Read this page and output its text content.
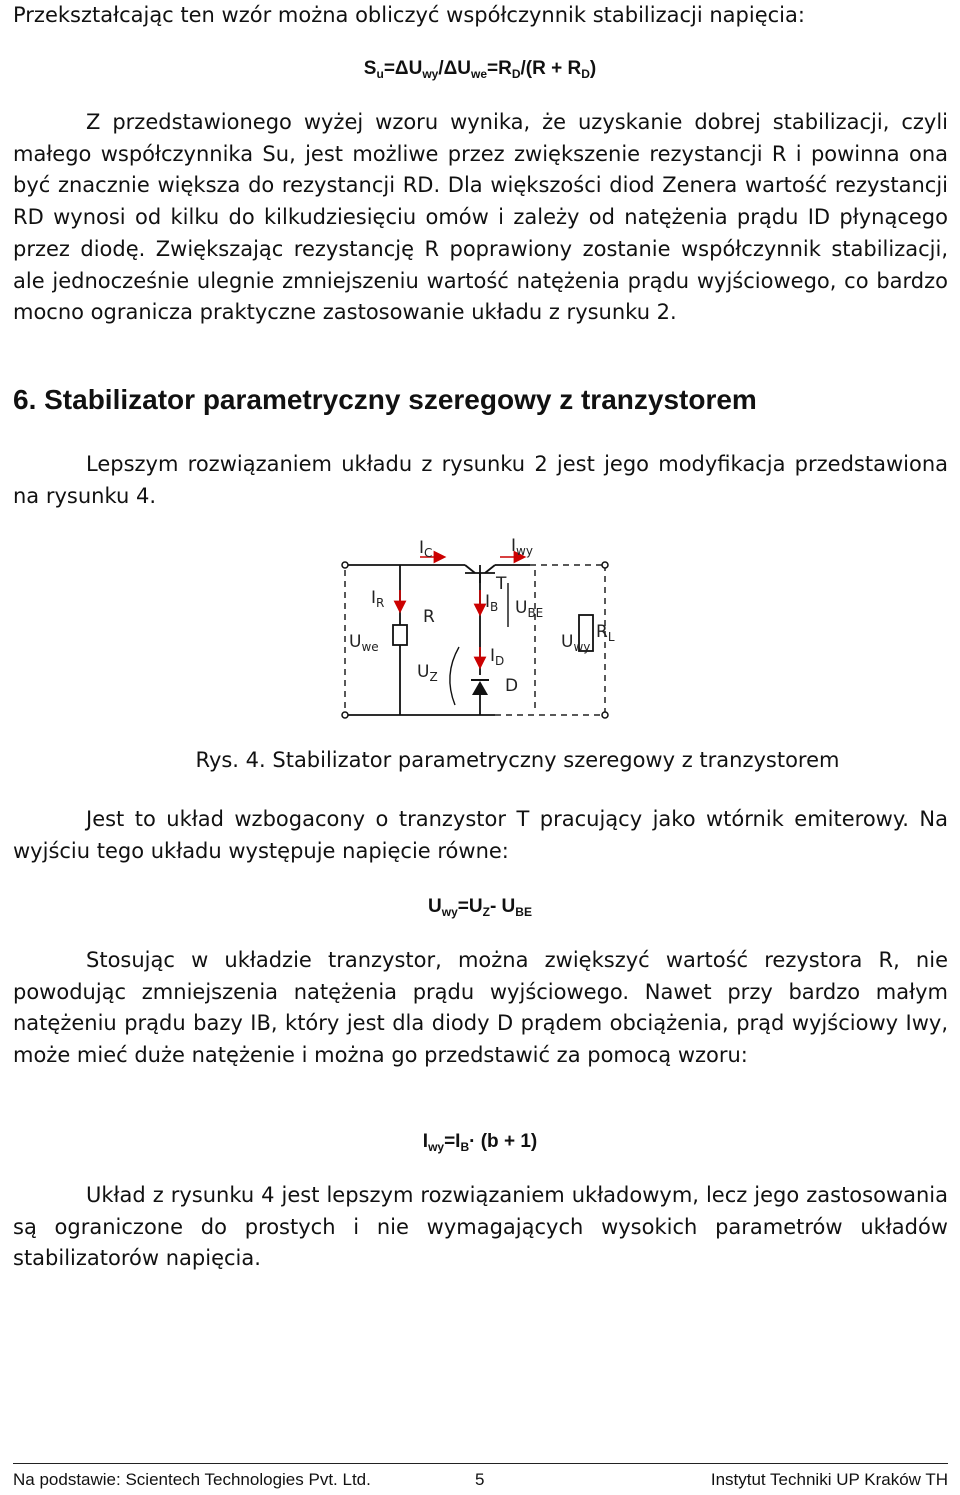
Przekształcając ten wzór można obliczyć współczynnik stabilizacji napięcia:

$S_u=\Delta U_{wy}/\Delta U_{we}=R_D/(R + R_D)$

Z przedstawionego wyżej wzoru wynika, że uzyskanie dobrej stabilizacji, czyli małego współczynnika Su, jest możliwe przez zwiększenie rezystancji R i powinna ona być znacznie większa do rezystancji RD. Dla większości diod Zenera wartość rezystancji RD wynosi od kilku do kilkudziesięciu omów i zależy od natężenia prądu ID płynącego przez diodę. Zwiększając rezystancję R poprawiony zostanie współczynnik stabilizacji, ale jednocześnie ulegnie zmniejszeniu wartość natężenia prądu wyjściowego, co bardzo mocno ogranicza praktyczne zastosowanie układu z rysunku 2.

6. Stabilizator parametryczny szeregowy z tranzystorem

Lepszym rozwiązaniem układu z rysunku 2 jest jego modyfikacja przedstawiona na rysunku 4.

$I_C$	$I_{wy}$
$I_R$
R
T
$I_B$ $U_{BE}$
$U_{we}$	$U_{wy}$
$R_L$
$I_D$
$U_Z$	D

Rys. 4. Stabilizator parametryczny szeregowy z tranzystorem

Jest to układ wzbogacony o tranzystor T pracujący jako wtórnik emiterowy. Na wyjściu tego układu występuje napięcie równe:

$U_{wy}=U_Z-$ $U_{BE}$

Stosując w układzie tranzystor, można zwiększyć wartość rezystora R, nie powodując zmniejszenia natężenia prądu wyjściowego. Nawet przy bardzo małym natężeniu prądu bazy IB, który jest dla diody D prądem obciążenia, prąd wyjściowy Iwy, może mieć duże natężenie i można go przedstawić za pomocą wzoru:

$I_{wy}=I_B\cdot (b + 1)$

Układ z rysunku 4 jest lepszym rozwiązaniem układowym, lecz jego zastosowania są ograniczone do prostych i nie wymagających wysokich parametrów układów stabilizatorów napięcia.

Na podstawie: Scientech Technologies Pvt. Ltd.	5	Instytut Techniki UP Kraków TH
